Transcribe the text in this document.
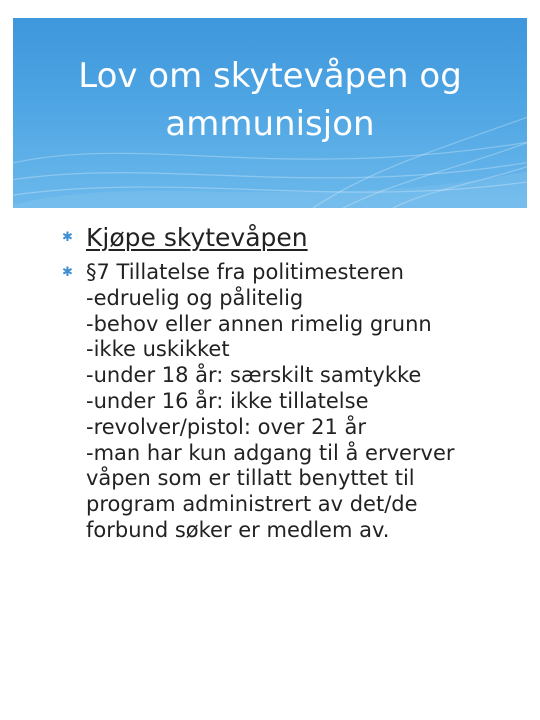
Lov om skytevåpen og
ammunisjon
✱ Kjøpe skytevåpen
✱ §7 Tillatelse fra politimesteren
-edruelig og pålitelig
-behov eller annen rimelig grunn
-ikke uskikket
-under 18 år: særskilt samtykke
-under 16 år: ikke tillatelse
-revolver/pistol: over 21 år
-man har kun adgang til å erverver
våpen som er tillatt benyttet til
program administrert av det/de
forbund søker er medlem av.
